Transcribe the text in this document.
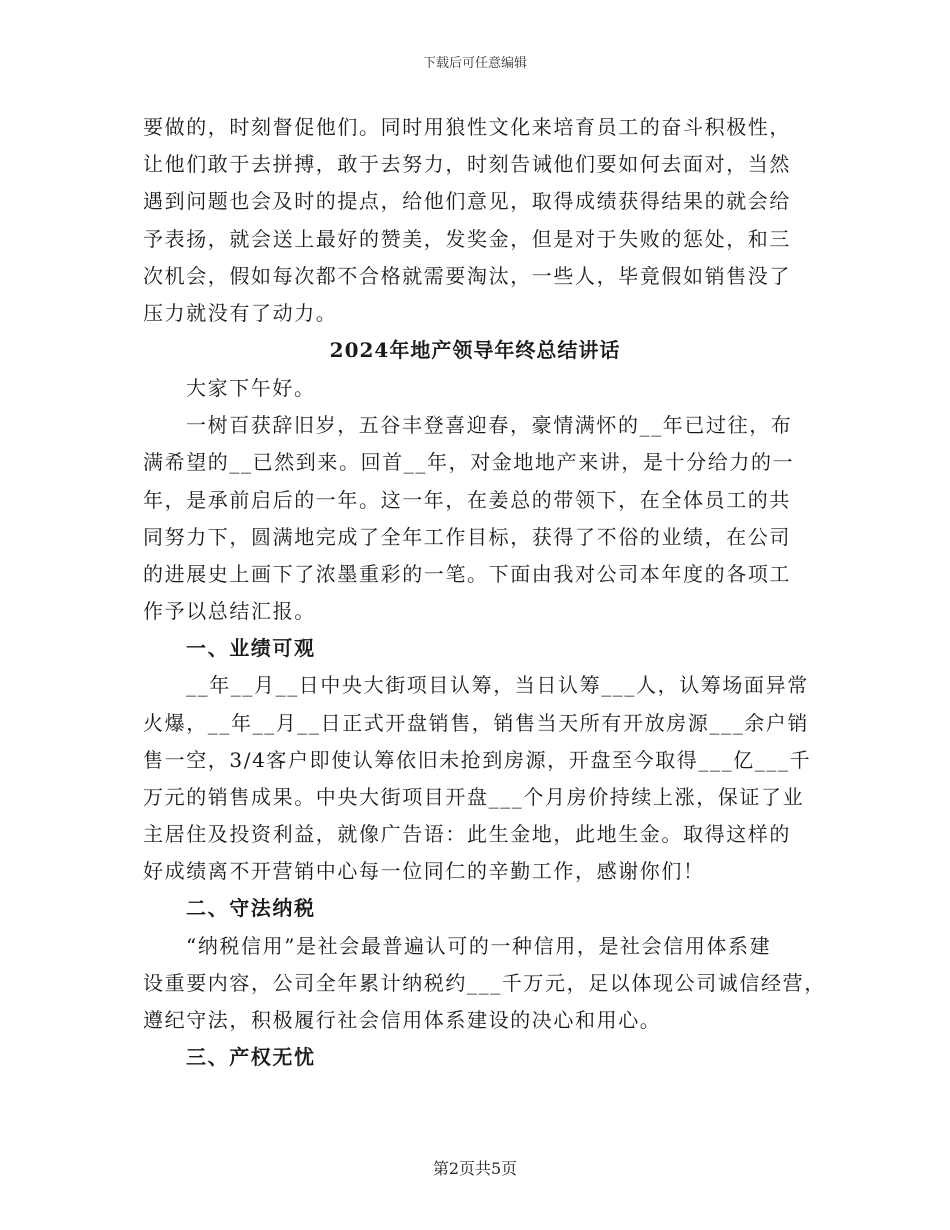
下载后可任意编辑
要做的，时刻督促他们。同时用狼性文化来培育员工的奋斗积极性，
让他们敢于去拼搏，敢于去努力，时刻告诫他们要如何去面对，当然
遇到问题也会及时的提点，给他们意见，取得成绩获得结果的就会给
予表扬，就会送上最好的赞美，发奖金，但是对于失败的惩处，和三
次机会，假如每次都不合格就需要淘汰，一些人，毕竟假如销售没了
压力就没有了动力。
2024年地产领导年终总结讲话
大家下午好。
一树百获辞旧岁，五谷丰登喜迎春，豪情满怀的__年已过往，布
满希望的__已然到来。回首__年，对金地地产来讲，是十分给力的一
年，是承前启后的一年。这一年，在姜总的带领下，在全体员工的共
同努力下，圆满地完成了全年工作目标，获得了不俗的业绩，在公司
的进展史上画下了浓墨重彩的一笔。下面由我对公司本年度的各项工
作予以总结汇报。
一、业绩可观
__年__月__日中央大街项目认筹，当日认筹___人，认筹场面异常
火爆，__年__月__日正式开盘销售，销售当天所有开放房源___余户销
售一空，3/4客户即使认筹依旧未抢到房源，开盘至今取得___亿___千
万元的销售成果。中央大街项目开盘___个月房价持续上涨，保证了业
主居住及投资利益，就像广告语：此生金地，此地生金。取得这样的
好成绩离不开营销中心每一位同仁的辛勤工作，感谢你们！
二、守法纳税
“纳税信用”是社会最普遍认可的一种信用，是社会信用体系建
设重要内容，公司全年累计纳税约___千万元，足以体现公司诚信经营，
遵纪守法，积极履行社会信用体系建设的决心和用心。
三、产权无忧
第2页共5页
